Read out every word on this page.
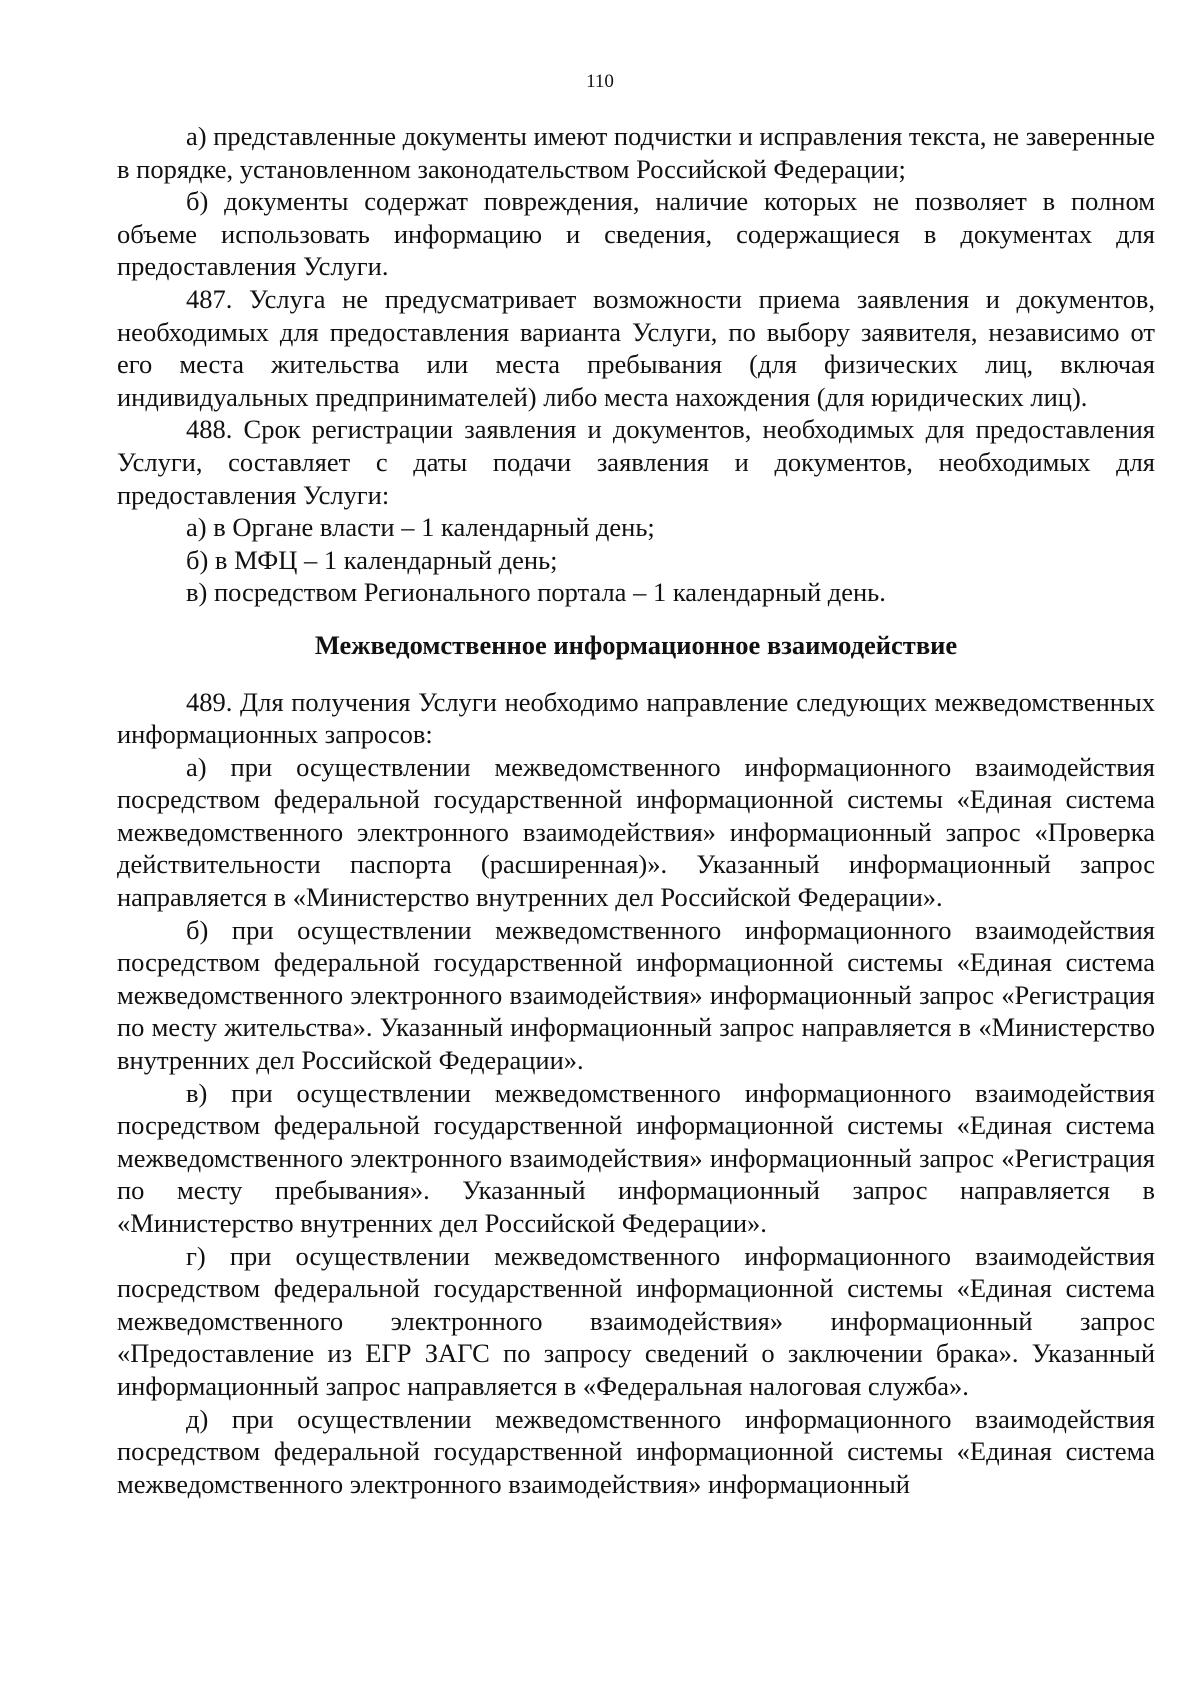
110

а) представленные документы имеют подчистки и исправления текста, не заверенные в порядке, установленном законодательством Российской Федерации;

б) документы содержат повреждения, наличие которых не позволяет в полном объеме использовать информацию и сведения, содержащиеся в документах для предоставления Услуги.

487. Услуга не предусматривает возможности приема заявления и документов, необходимых для предоставления варианта Услуги, по выбору заявителя, независимо от его места жительства или места пребывания (для физических лиц, включая индивидуальных предпринимателей) либо места нахождения (для юридических лиц).

488. Срок регистрации заявления и документов, необходимых для предоставления Услуги, составляет с даты подачи заявления и документов, необходимых для предоставления Услуги:

а) в Органе власти – 1 календарный день;

б) в МФЦ – 1 календарный день;

в) посредством Регионального портала – 1 календарный день.

Межведомственное информационное взаимодействие

489. Для получения Услуги необходимо направление следующих межведомственных информационных запросов:

а) при осуществлении межведомственного информационного взаимодействия посредством федеральной государственной информационной системы «Единая система межведомственного электронного взаимодействия» информационный запрос «Проверка действительности паспорта (расширенная)». Указанный информационный запрос направляется в «Министерство внутренних дел Российской Федерации».

б) при осуществлении межведомственного информационного взаимодействия посредством федеральной государственной информационной системы «Единая система межведомственного электронного взаимодействия» информационный запрос «Регистрация по месту жительства». Указанный информационный запрос направляется в «Министерство внутренних дел Российской Федерации».

в) при осуществлении межведомственного информационного взаимодействия посредством федеральной государственной информационной системы «Единая система межведомственного электронного взаимодействия» информационный запрос «Регистрация по месту пребывания». Указанный информационный запрос направляется в «Министерство внутренних дел Российской Федерации».

г) при осуществлении межведомственного информационного взаимодействия посредством федеральной государственной информационной системы «Единая система межведомственного электронного взаимодействия» информационный запрос «Предоставление из ЕГР ЗАГС по запросу сведений о заключении брака». Указанный информационный запрос направляется в «Федеральная налоговая служба».

д) при осуществлении межведомственного информационного взаимодействия посредством федеральной государственной информационной системы «Единая система межведомственного электронного взаимодействия» информационный
